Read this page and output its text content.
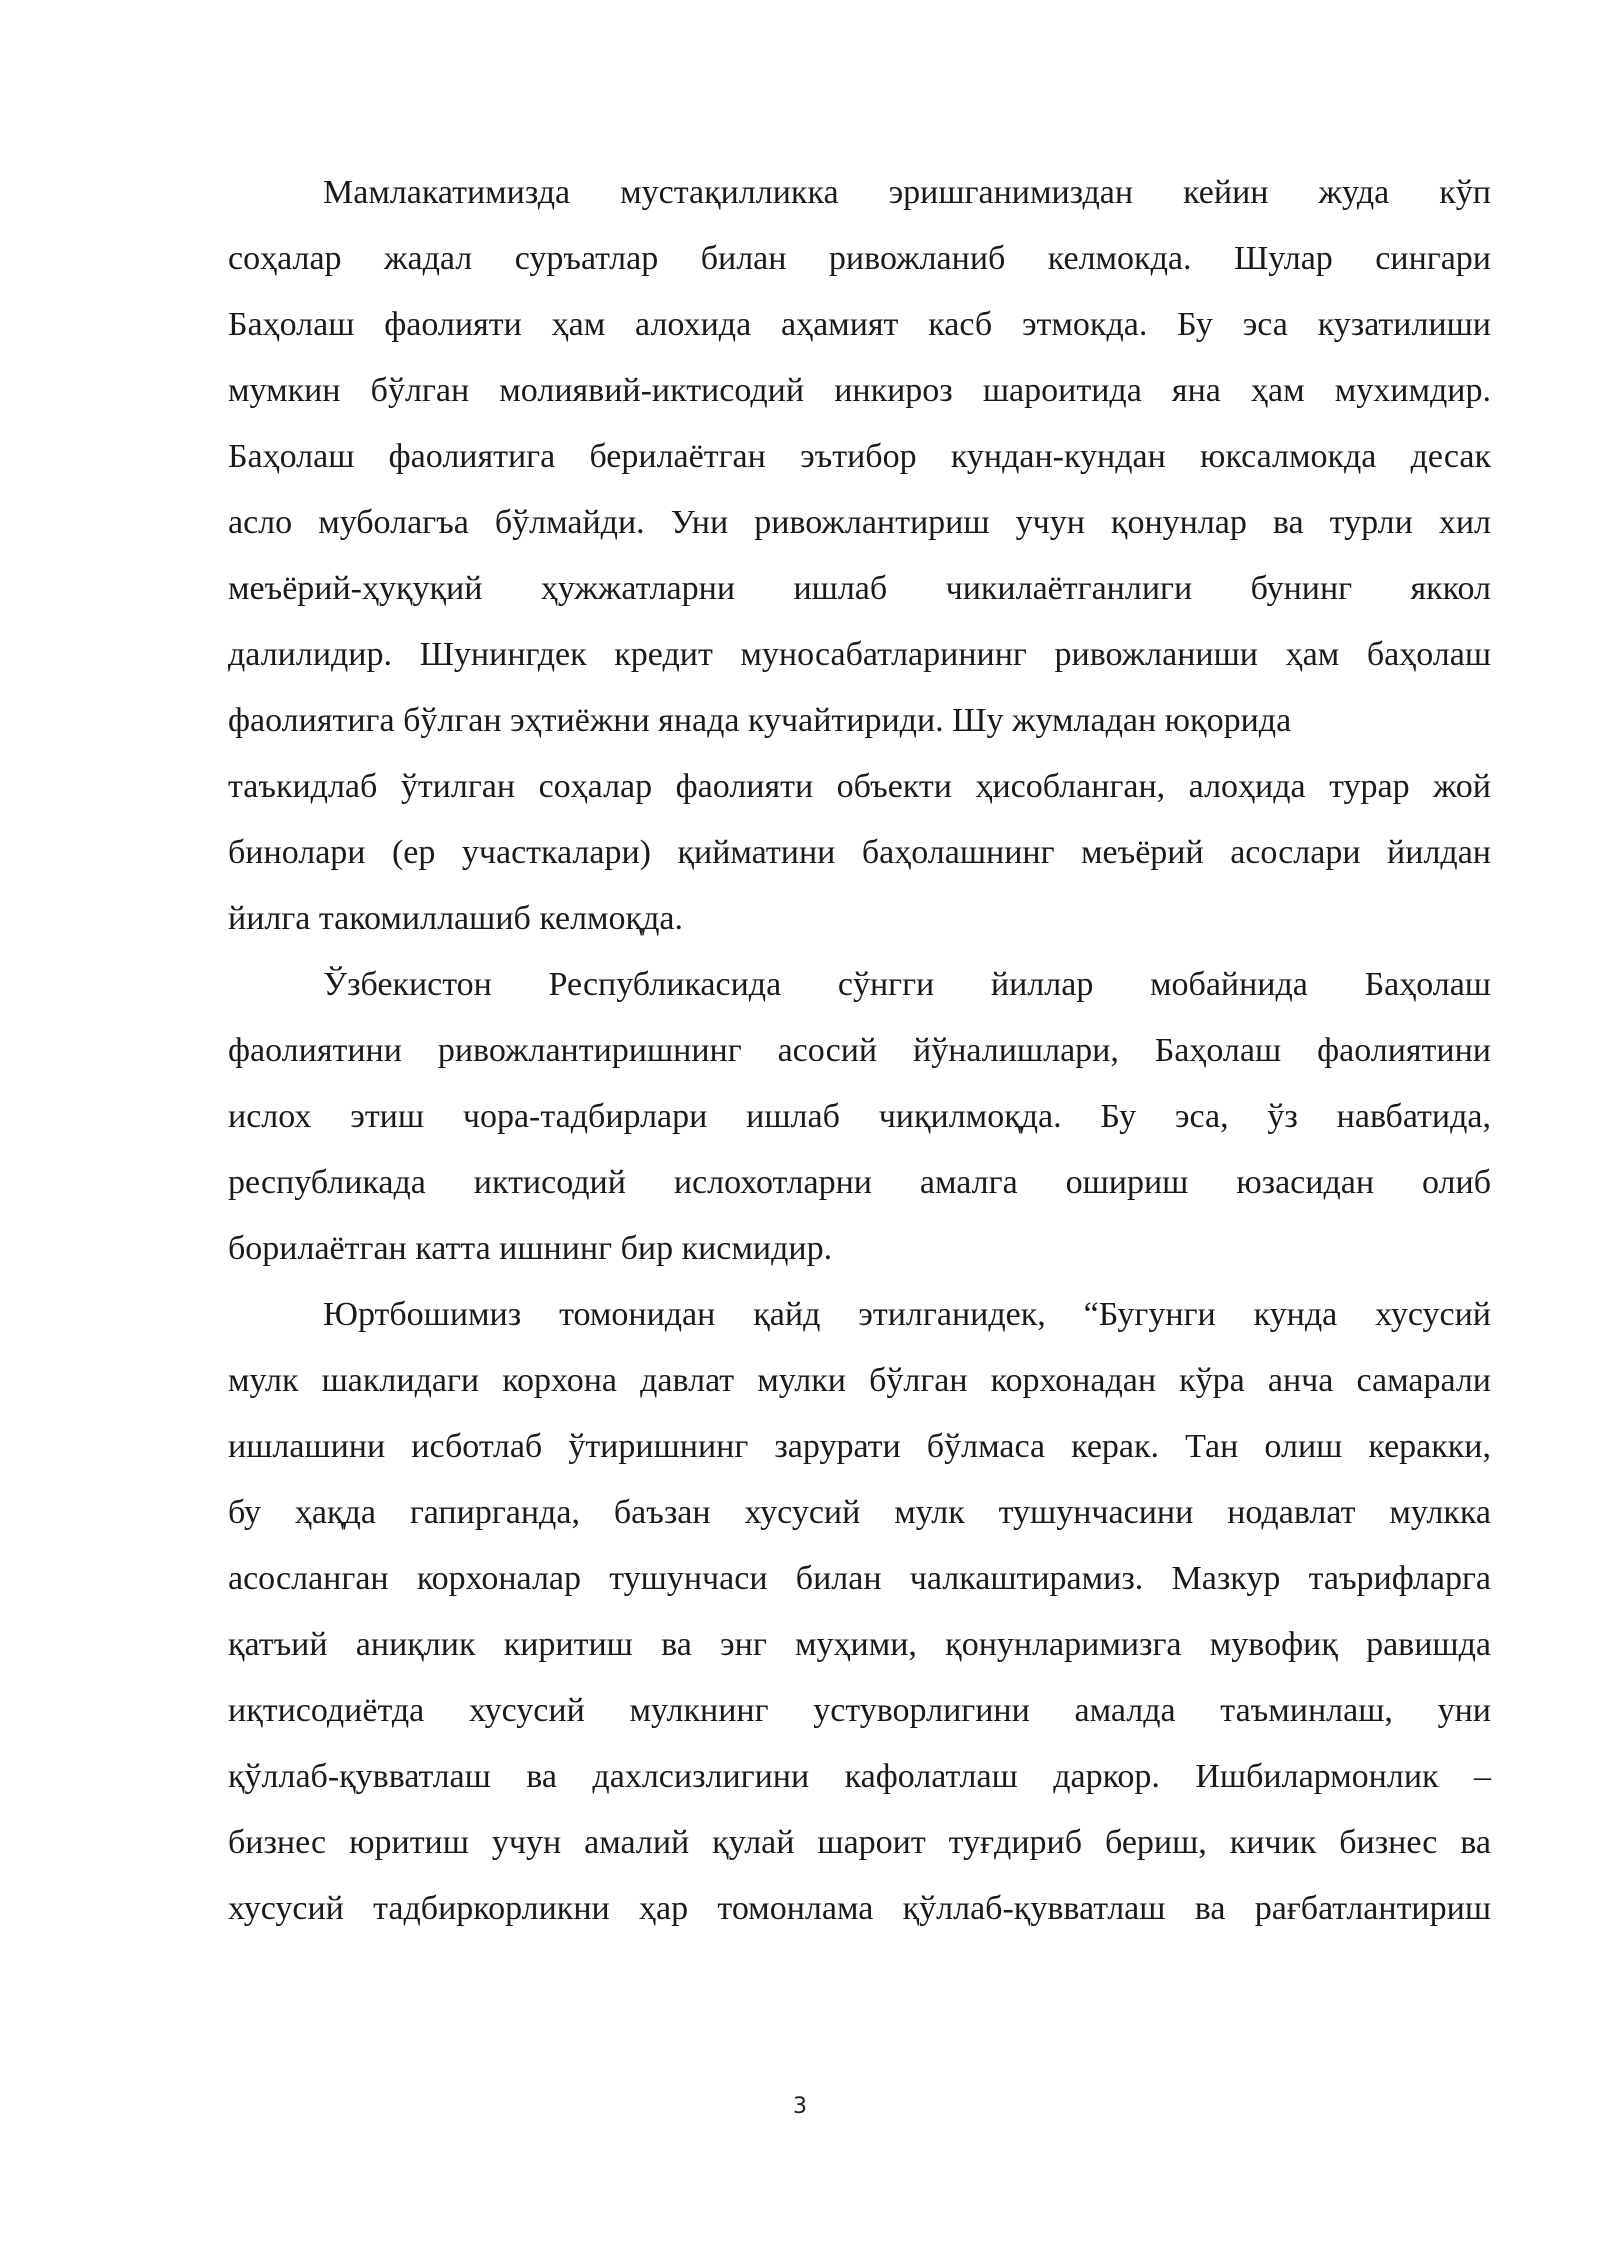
Мамлакатимизда мустақилликка эришганимиздан кейин жуда кўп
соҳалар жадал суръатлар билан ривожланиб келмокда. Шулар сингари
Баҳолаш фаолияти ҳам алохида аҳамият касб этмокда. Бу эса кузатилиши
мумкин бўлган молиявий-иктисодий инкироз шароитида яна ҳам мухимдир.
Баҳолаш фаолиятига берилаётган эътибор кундан-кундан юксалмокда десак
асло муболагъа бўлмайди. Уни ривожлантириш учун қонунлар ва турли хил
меъёрий-ҳуқуқий ҳужжатларни ишлаб чикилаётганлиги бунинг яккол
далилидир. Шунингдек кредит муносабатларининг ривожланиши ҳам баҳолаш
фаолиятига бўлган эҳтиёжни янада кучайтириди. Шу жумладан юқорида
таъкидлаб ўтилган соҳалар фаолияти объекти ҳисобланган, алоҳида турар жой
бинолари (ер участкалари) қийматини баҳолашнинг меъёрий асослари йилдан
йилга такомиллашиб келмоқда.
Ўзбекистон Республикасида сўнгги йиллар мобайнида Баҳолаш
фаолиятини ривожлантиришнинг асосий йўналишлари, Баҳолаш фаолиятини
ислох этиш чора-тадбирлари ишлаб чиқилмоқда. Бу эса, ўз навбатида,
республикада иктисодий ислохотларни амалга ошириш юзасидан олиб
борилаётган катта ишнинг бир кисмидир.
Юртбошимиз томонидан қайд этилганидек, “Бугунги кунда хусусий
мулк шаклидаги корхона давлат мулки бўлган корхонадан кўра анча самарали
ишлашини исботлаб ўтиришнинг зарурати бўлмаса керак. Тан олиш керакки,
бу ҳақда гапирганда, баъзан хусусий мулк тушунчасини нодавлат мулкка
асосланган корхоналар тушунчаси билан чалкаштирамиз. Мазкур таърифларга
қатъий аниқлик киритиш ва энг муҳими, қонунларимизга мувофиқ равишда
иқтисодиётда хусусий мулкнинг устуворлигини амалда таъминлаш, уни
қўллаб-қувватлаш ва дахлсизлигини кафолатлаш даркор. Ишбилармонлик –
бизнес юритиш учун амалий қулай шароит туғдириб бериш, кичик бизнес ва
хусусий тадбиркорликни ҳар томонлама қўллаб-қувватлаш ва рағбатлантириш
3
